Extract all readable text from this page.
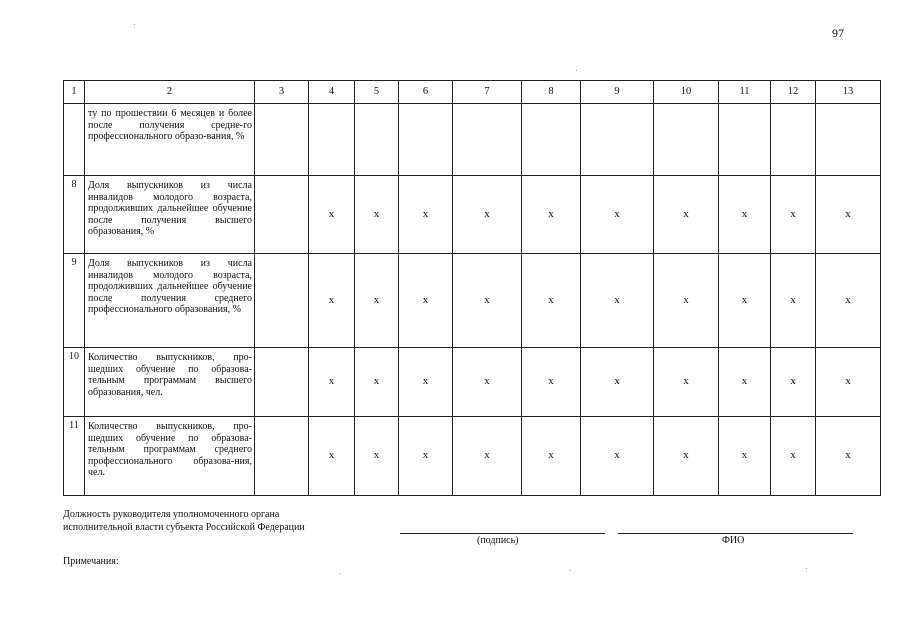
97
1	2	3	4	5	6	7	8	9	10	11	12	13
	ту по прошествии 6 месяцев и более после получения средне-го профессионального образо-вания, %											
8	Доля выпускников из числа инвалидов молодого возраста, продолживших дальнейшее обучение после получения высшего образования, %		x	x	x	x	x	x	x	x	x	x
9	Доля выпускников из числа инвалидов молодого возраста, продолживших дальнейшее обучение после получения среднего профессионального образования, %		x	x	x	x	x	x	x	x	x	x
10	Количество выпускников, про-шедших обучение по образова-тельным программам высшего образования, чел.		x	x	x	x	x	x	x	x	x	x
11	Количество выпускников, про-шедших обучение по образова-тельным программам среднего профессионального образова-ния, чел.		x	x	x	x	x	x	x	x	x	x
Должность руководителя уполномоченного органа
исполнительной власти субъекта Российской Федерации
(подпись)	ФИО
Примечания:
